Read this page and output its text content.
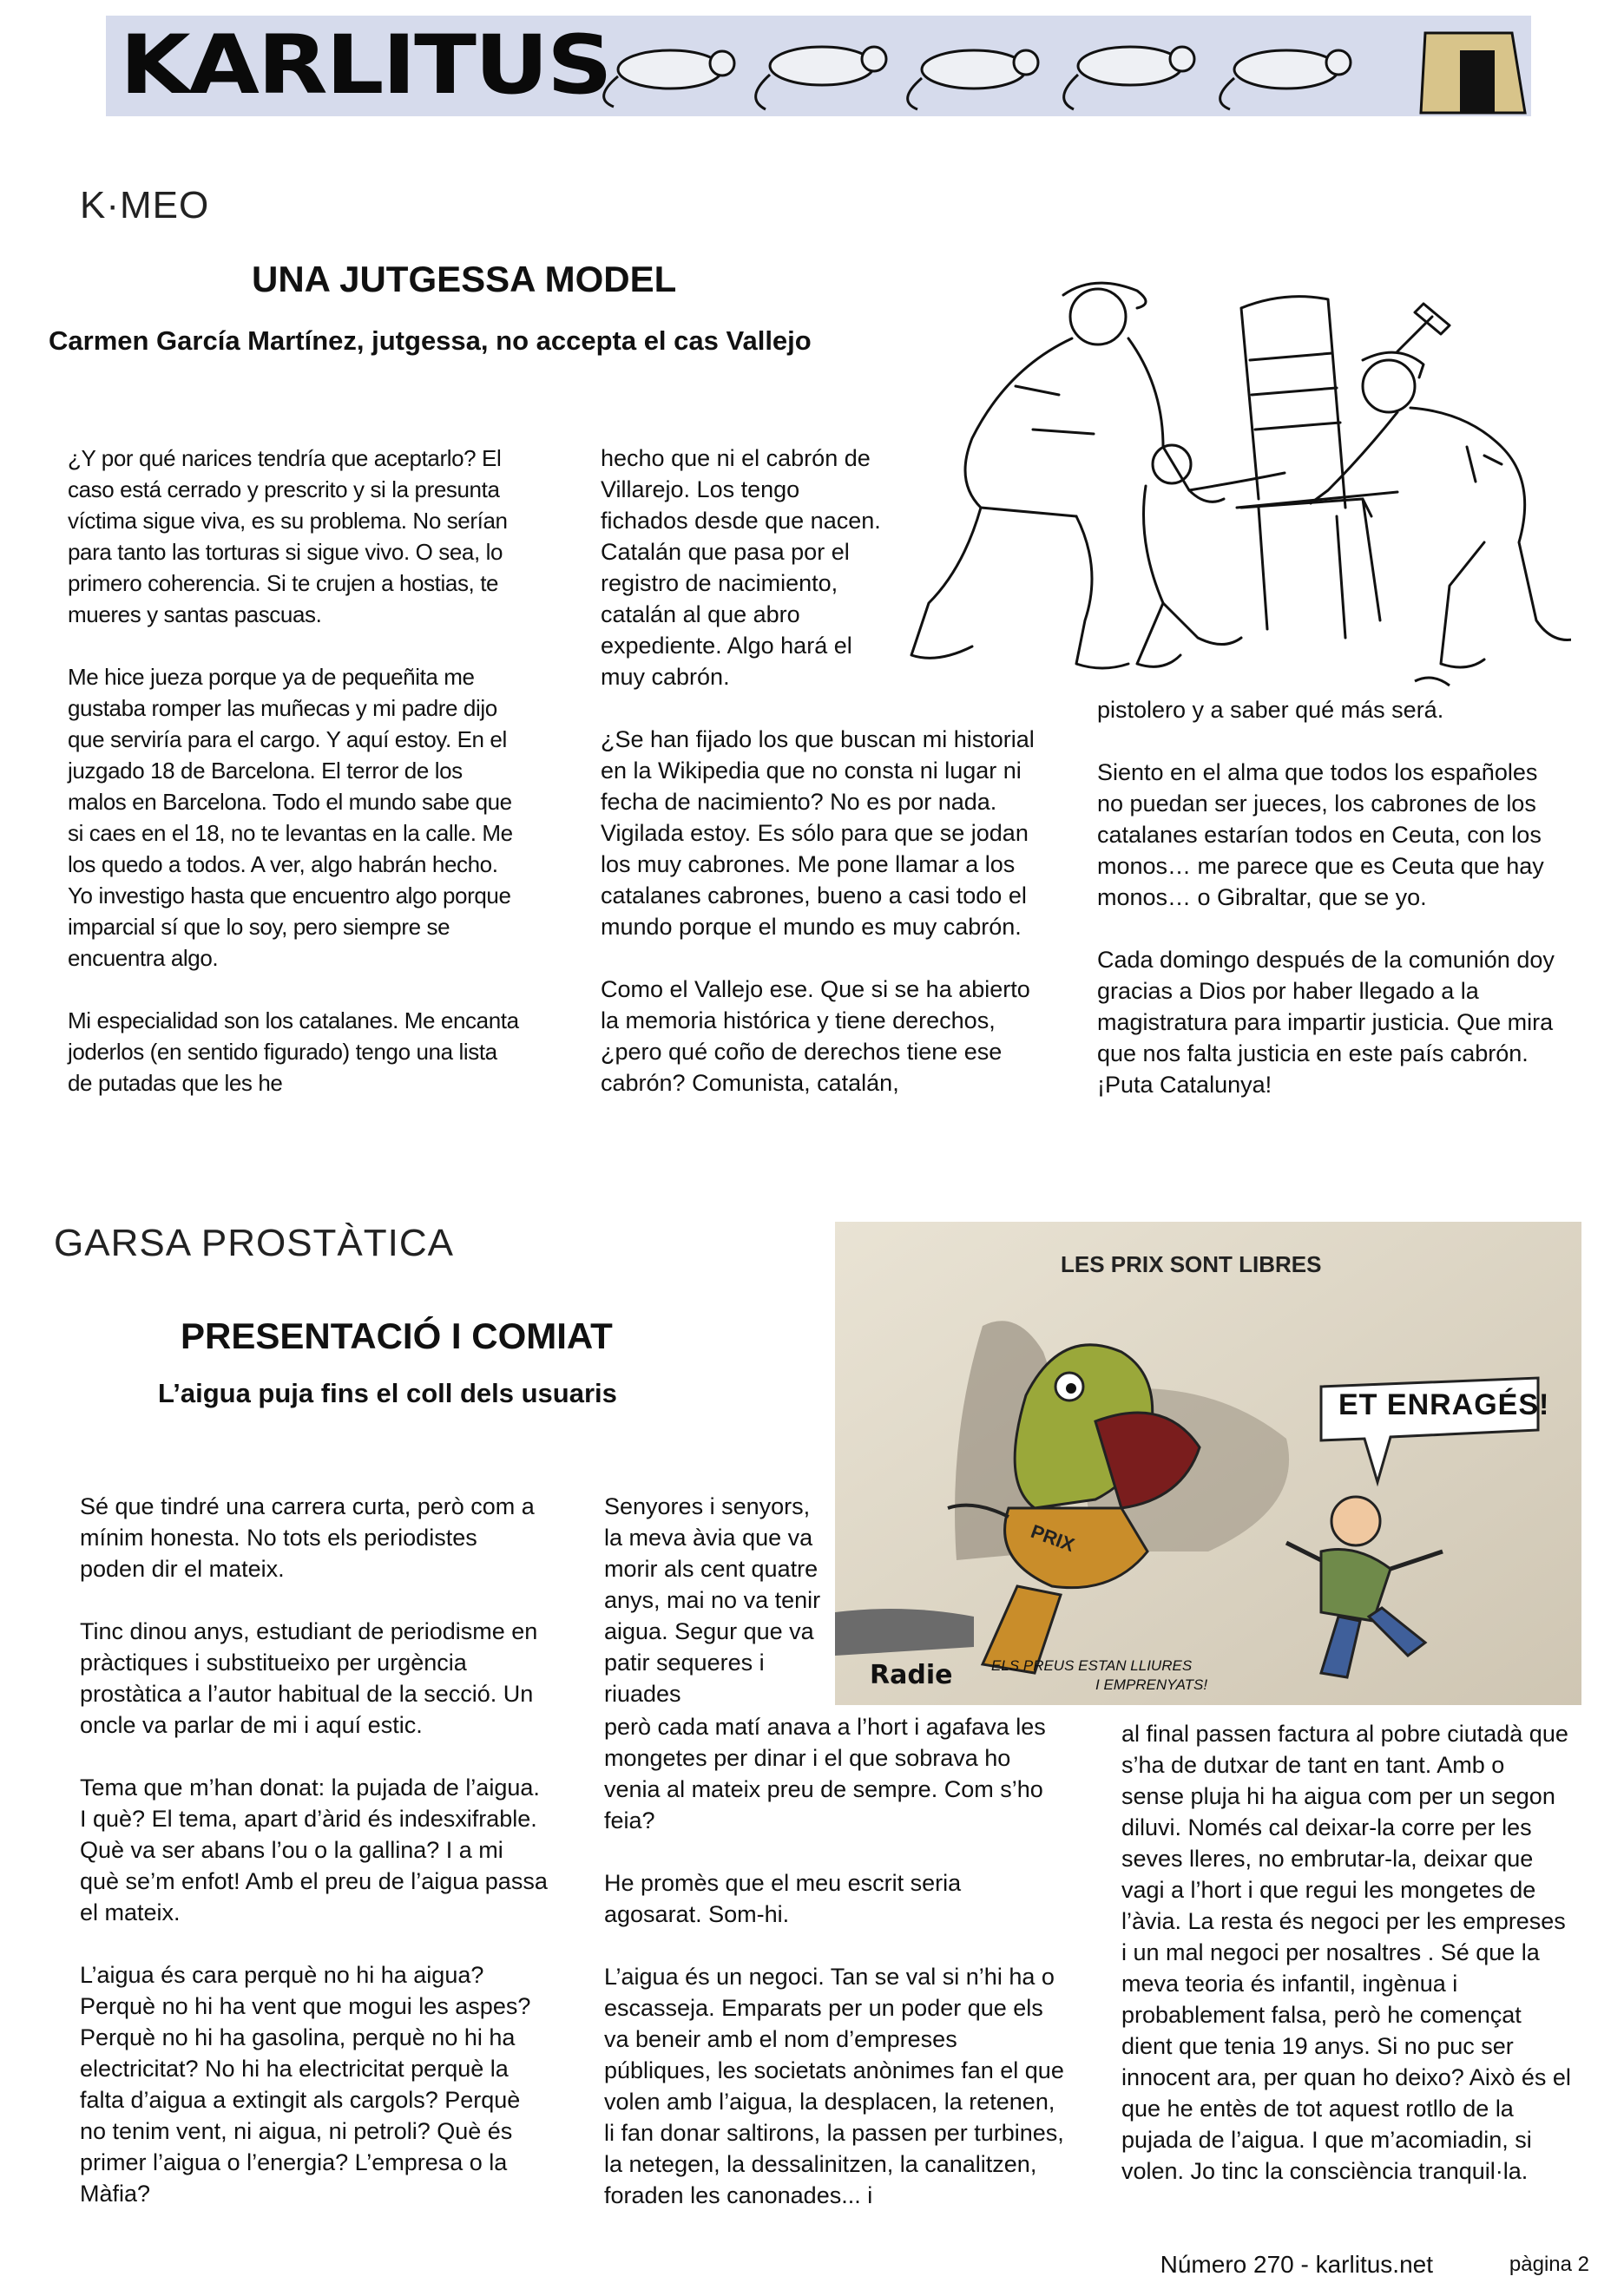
KARLITUS
K·MEO
UNA JUTGESSA MODEL
Carmen García Martínez, jutgessa, no accepta el cas Vallejo

¿Y por qué narices tendría que aceptarlo? El caso está cerrado y prescrito y si la presunta víctima sigue viva, es su problema. No serían para tanto las torturas si sigue vivo. O sea, lo primero coherencia. Si te crujen a hostias, te mueres y santas pascuas.

Me hice jueza porque ya de pequeñita me gustaba romper las muñecas y mi padre dijo que serviría para el cargo. Y aquí estoy. En el juzgado 18 de Barcelona. El terror de los malos en Barcelona. Todo el mundo sabe que si caes en el 18, no te levantas en la calle. Me los quedo a todos. A ver, algo habrán hecho. Yo investigo hasta que encuentro algo porque imparcial sí que lo soy, pero siempre se encuentra algo.

Mi especialidad son los catalanes. Me encanta joderlos (en sentido figurado) tengo una lista de putadas que les he

hecho que ni el cabrón de Villarejo. Los tengo fichados desde que nacen. Catalán que pasa por el registro de nacimiento, catalán al que abro expediente. Algo hará el muy cabrón.

¿Se han fijado los que buscan mi historial en la Wikipedia que no consta ni lugar ni fecha de nacimiento? No es por nada. Vigilada estoy. Es sólo para que se jodan los muy cabrones. Me pone llamar a los catalanes cabrones, bueno a casi todo el mundo porque el mundo es muy cabrón.

Como el Vallejo ese. Que si se ha abierto la memoria histórica y tiene derechos, ¿pero qué coño de derechos tiene ese cabrón? Comunista, catalán,

pistolero y a saber qué más será.

Siento en el alma que todos los españoles no puedan ser jueces, los cabrones de los catalanes estarían todos en Ceuta, con los monos… me parece que es Ceuta que hay monos… o Gibraltar, que se yo.

Cada domingo después de la comunión doy gracias a Dios por haber llegado a la magistratura para impartir justicia. Que mira que nos falta justicia en este país cabrón.

¡Puta Catalunya!

GARSA PROSTÀTICA
PRESENTACIÓ I COMIAT
L’aigua puja fins el coll dels usuaris

Sé que tindré una carrera curta, però com a mínim honesta. No tots els periodistes poden dir el mateix.

Tinc dinou anys, estudiant de periodisme en pràctiques i substitueixo per urgència prostàtica a l’autor habitual de la secció. Un oncle va parlar de mi i aquí estic.

Tema que m’han donat: la pujada de l’aigua. I què? El tema, apart d’àrid és indesxifrable. Què va ser abans l’ou o la gallina? I a mi què se’m enfot! Amb el preu de l’aigua passa el mateix.

L’aigua és cara perquè no hi ha aigua? Perquè no hi ha vent que mogui les aspes? Perquè no hi ha gasolina, perquè no hi ha electricitat? No hi ha electricitat perquè la falta d’aigua a extingit als cargols? Perquè no tenim vent, ni aigua, ni petroli? Què és primer l’aigua o l’energia? L’empresa o la Màfia?

Senyores i senyors, la meva àvia que va morir als cent quatre anys, mai no va tenir aigua. Segur que va patir sequeres i riuades

però cada matí anava a l’hort i agafava les mongetes per dinar i el que sobrava ho venia al mateix preu de sempre. Com s’ho feia?

He promès que el meu escrit seria agosarat. Som-hi.

L’aigua és un negoci. Tan se val si n’hi ha o escasseja. Emparats per un poder que els va beneir amb el nom d’empreses públiques, les societats anònimes fan el que volen amb l’aigua, la desplacen, la retenen, li fan donar saltirons, la passen per turbines, la netegen, la dessalinitzen, la canalitzen, foraden les canonades... i

al final passen factura al pobre ciutadà que s’ha de dutxar de tant en tant. Amb o sense pluja hi ha aigua com per un segon diluvi. Només cal deixar-la corre per les seves lleres, no embrutar-la, deixar que vagi a l’hort i que regui les mongetes de l’àvia. La resta és negoci per les empreses i un mal negoci per nosaltres . Sé que la meva teoria és infantil, ingènua i probablement falsa, però he començat dient que tenia 19 anys. Si no puc ser innocent ara, per quan ho deixo? Això és el que he entès de tot aquest rotllo de la pujada de l’aigua. I que m’acomiadin, si volen. Jo tinc la consciència tranquil·la.

LES PRIX SONT LIBRES
ET ENRAGÉS!
PRIX
Radie	ELS PREUS ESTAN LLIURES
I EMPRENYATS!
Número 270 - karlitus.net	pàgina 2
